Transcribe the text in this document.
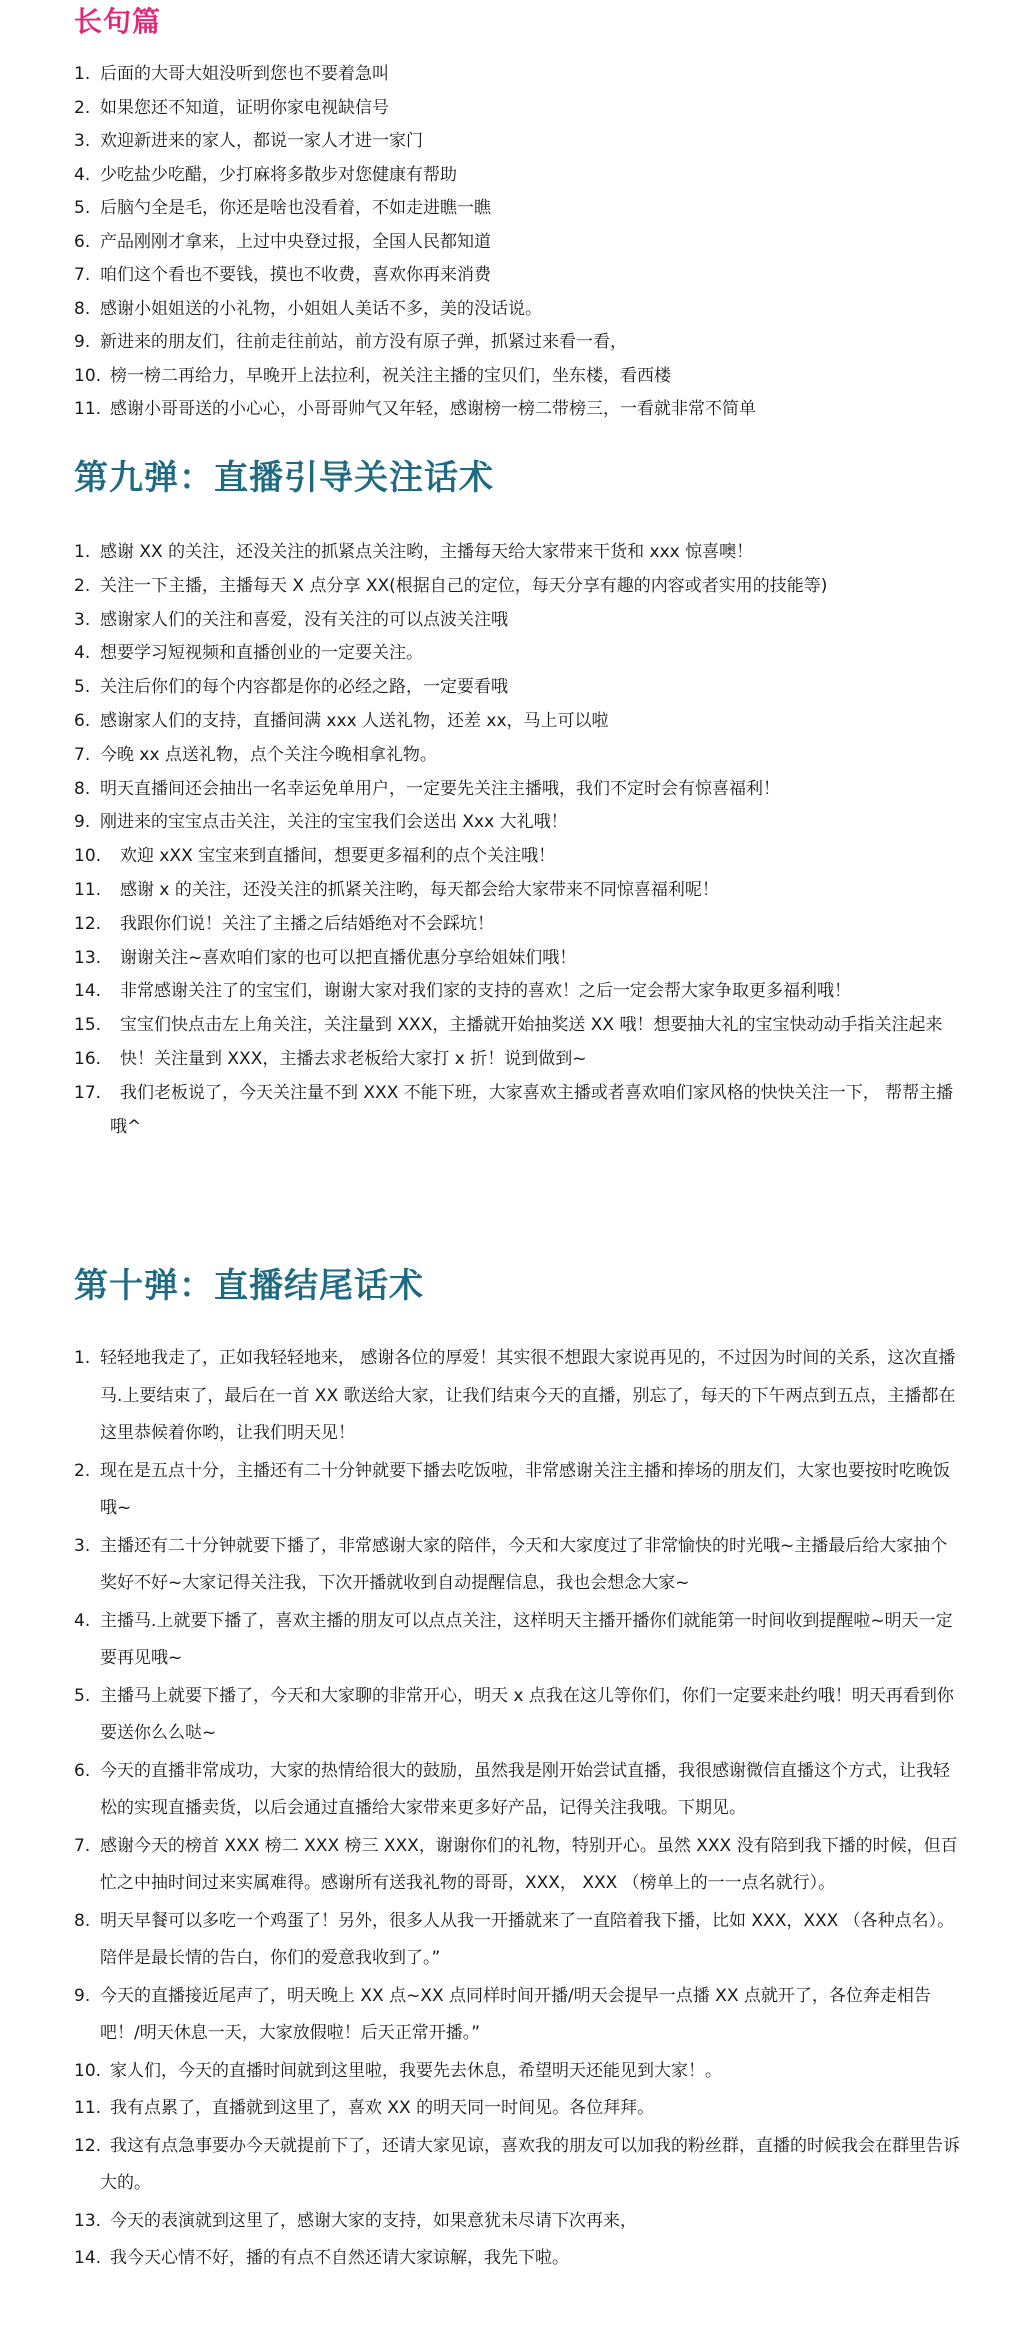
长句篇
1. 后面的大哥大姐没听到您也不要着急叫
2. 如果您还不知道，证明你家电视缺信号
3. 欢迎新进来的家人，都说一家人才进一家门
4. 少吃盐少吃醋，少打麻将多散步对您健康有帮助
5. 后脑勺全是毛，你还是啥也没看着，不如走进瞧一瞧
6. 产品刚刚才拿来，上过中央登过报，全国人民都知道
7. 咱们这个看也不要钱，摸也不收费，喜欢你再来消费
8. 感谢小姐姐送的小礼物，小姐姐人美话不多，美的没话说。
9. 新进来的朋友们，往前走往前站，前方没有原子弹，抓紧过来看一看，
10. 榜一榜二再给力，早晚开上法拉利，祝关注主播的宝贝们，坐东楼，看西楼
11. 感谢小哥哥送的小心心，小哥哥帅气又年轻，感谢榜一榜二带榜三，一看就非常不简单
第九弹：直播引导关注话术
1. 感谢 XX 的关注，还没关注的抓紧点关注哟，主播每天给大家带来干货和 xxx 惊喜噢！
2. 关注一下主播，主播每天 X 点分享 XX(根据自己的定位，每天分享有趣的内容或者实用的技能等)
3. 感谢家人们的关注和喜爱，没有关注的可以点波关注哦
4. 想要学习短视频和直播创业的一定要关注。
5. 关注后你们的每个内容都是你的必经之路，一定要看哦
6. 感谢家人们的支持，直播间满 xxx 人送礼物，还差 xx，马上可以啦
7. 今晚 xx 点送礼物，点个关注今晚相拿礼物。
8. 明天直播间还会抽出一名幸运免单用户，一定要先关注主播哦，我们不定时会有惊喜福利！
9. 刚进来的宝宝点击关注，关注的宝宝我们会送出 Xxx 大礼哦！
10.	欢迎 xXX 宝宝来到直播间，想要更多福利的点个关注哦！
11.	感谢 x 的关注，还没关注的抓紧关注哟，每天都会给大家带来不同惊喜福利呢！
12.	我跟你们说！关注了主播之后结婚绝对不会踩坑！
13.	谢谢关注~喜欢咱们家的也可以把直播优惠分享给姐妹们哦！
14.	非常感谢关注了的宝宝们，谢谢大家对我们家的支持的喜欢！之后一定会帮大家争取更多福利哦！
15.	宝宝们快点击左上角关注，关注量到 XXX，主播就开始抽奖送 XX 哦！想要抽大礼的宝宝快动动手指关注起来
16.	快！关注量到 XXX，主播去求老板给大家打 x 折！说到做到~
17.	我们老板说了，今天关注量不到 XXX 不能下班，大家喜欢主播或者喜欢咱们家风格的快快关注一下， 帮帮主播哦^
第十弹：直播结尾话术
1. 轻轻地我走了，正如我轻轻地来， 感谢各位的厚爱！其实很不想跟大家说再见的，不过因为时间的关系，这次直播马.上要结束了，最后在一首 XX 歌送给大家，让我们结束今天的直播，别忘了，每天的下午两点到五点，主播都在这里恭候着你哟，让我们明天见！
2. 现在是五点十分，主播还有二十分钟就要下播去吃饭啦，非常感谢关注主播和捧场的朋友们，大家也要按时吃晚饭哦~
3. 主播还有二十分钟就要下播了，非常感谢大家的陪伴，今天和大家度过了非常愉快的时光哦~主播最后给大家抽个奖好不好~大家记得关注我，下次开播就收到自动提醒信息，我也会想念大家~
4. 主播马.上就要下播了，喜欢主播的朋友可以点点关注，这样明天主播开播你们就能第一时间收到提醒啦~明天一定要再见哦~
5. 主播马上就要下播了，今天和大家聊的非常开心，明天 x 点我在这儿等你们，你们一定要来赴约哦！明天再看到你要送你么么哒~
6. 今天的直播非常成功，大家的热情给很大的鼓励，虽然我是刚开始尝试直播，我很感谢微信直播这个方式，让我轻松的实现直播卖货，以后会通过直播给大家带来更多好产品，记得关注我哦。下期见。
7. 感谢今天的榜首 XXX 榜二 XXX 榜三 XXX，谢谢你们的礼物，特别开心。虽然 XXX 没有陪到我下播的时候，但百忙之中抽时间过来实属难得。感谢所有送我礼物的哥哥，XXX， XXX （榜单上的一一点名就行）。
8. 明天早餐可以多吃一个鸡蛋了！另外，很多人从我一开播就来了一直陪着我下播，比如 XXX，XXX （各种点名）。陪伴是最长情的告白，你们的爱意我收到了。”
9. 今天的直播接近尾声了，明天晚上 XX 点~XX 点同样时间开播/明天会提早一点播 XX 点就开了，各位奔走相告吧！/明天休息一天，大家放假啦！后天正常开播。”
10. 家人们，今天的直播时间就到这里啦，我要先去休息，希望明天还能见到大家！。
11. 我有点累了，直播就到这里了，喜欢 XX 的明天同一时间见。各位拜拜。
12. 我这有点急事要办今天就提前下了，还请大家见谅，喜欢我的朋友可以加我的粉丝群，直播的时候我会在群里告诉大的。
13. 今天的表演就到这里了，感谢大家的支持，如果意犹未尽请下次再来，
14. 我今天心情不好，播的有点不自然还请大家谅解，我先下啦。
